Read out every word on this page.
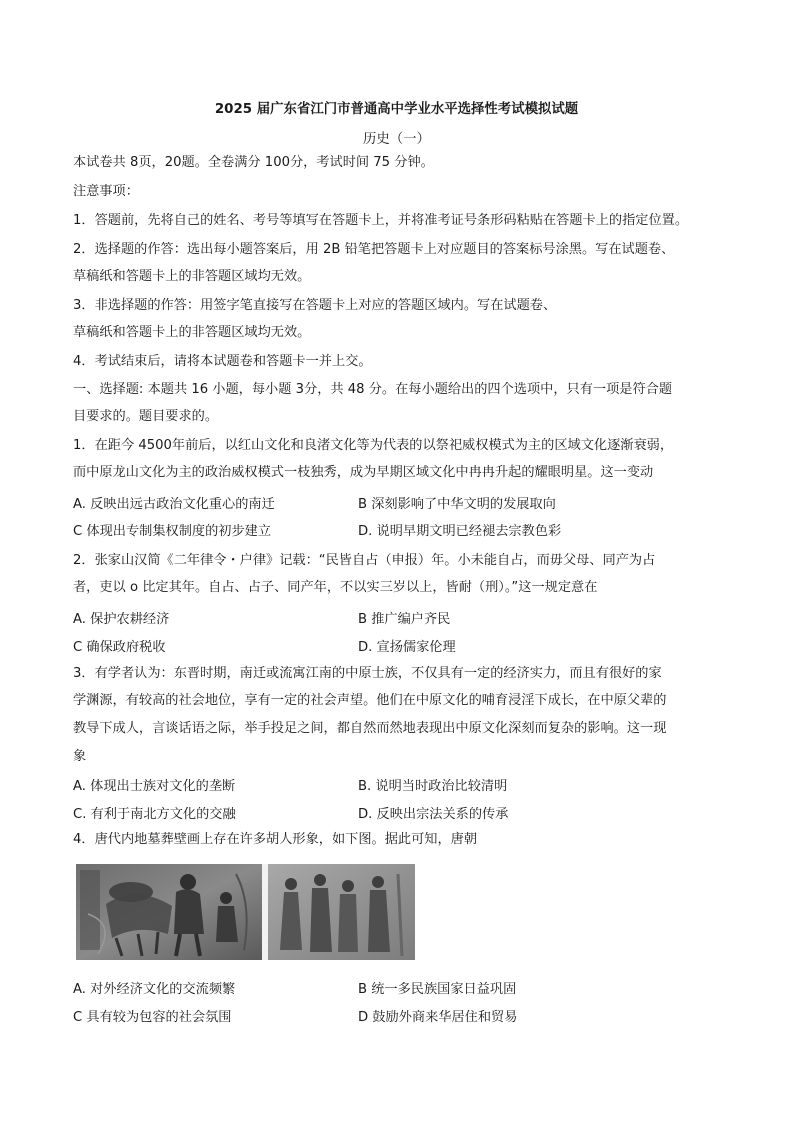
2025 届广东省江门市普通高中学业水平选择性考试模拟试题
历史（一）
本试卷共 8页，20题。全卷满分 100分，考试时间 75 分钟。
注意事项：
1．答题前，先将自己的姓名、考号等填写在答题卡上，并将准考证号条形码粘贴在答题卡上的指定位置。
2．选择题的作答：选出每小题答案后，用 2B 铅笔把答题卡上对应题目的答案标号涂黑。写在试题卷、
草稿纸和答题卡上的非答题区域均无效。
3．非选择题的作答：用签字笔直接写在答题卡上对应的答题区域内。写在试题卷、
草稿纸和答题卡上的非答题区域均无效。
4．考试结束后，请将本试题卷和答题卡一并上交。
一、选择题: 本题共 16 小题，每小题 3分，共 48 分。在每小题给出的四个选项中，只有一项是符合题
目要求的。题目要求的。
1．在距今 4500年前后，以红山文化和良渚文化等为代表的以祭祀威权模式为主的区域文化逐渐衰弱，
而中原龙山文化为主的政治威权模式一枝独秀，成为早期区域文化中冉冉升起的耀眼明星。这一变动
A. 反映出远古政治文化重心的南迁	B 深刻影响了中华文明的发展取向
C 体现出专制集权制度的初步建立	D. 说明早期文明已经褪去宗教色彩
2．张家山汉简《二年律令・户律》记载：“民皆自占（申报）年。小未能自占，而毋父母、同产为占
者，吏以 o 比定其年。自占、占子、同产年，不以实三岁以上，皆耐（刑）。”这一规定意在
A. 保护农耕经济	B 推广编户齐民
C 确保政府税收	D. 宣扬儒家伦理
3．有学者认为：东晋时期，南迁或流寓江南的中原士族，不仅具有一定的经济实力，而且有很好的家
学渊源，有较高的社会地位，享有一定的社会声望。他们在中原文化的哺育浸淫下成长，在中原父辈的
教导下成人，言谈话语之际，举手投足之间，都自然而然地表现出中原文化深刻而复杂的影响。这一现
象
A. 体现出士族对文化的垄断	B. 说明当时政治比较清明
C. 有利于南北方文化的交融	D. 反映出宗法关系的传承
4．唐代内地墓葬壁画上存在许多胡人形象，如下图。据此可知，唐朝
A. 对外经济文化的交流频繁	B 统一多民族国家日益巩固
C 具有较为包容的社会氛围	D 鼓励外商来华居住和贸易
